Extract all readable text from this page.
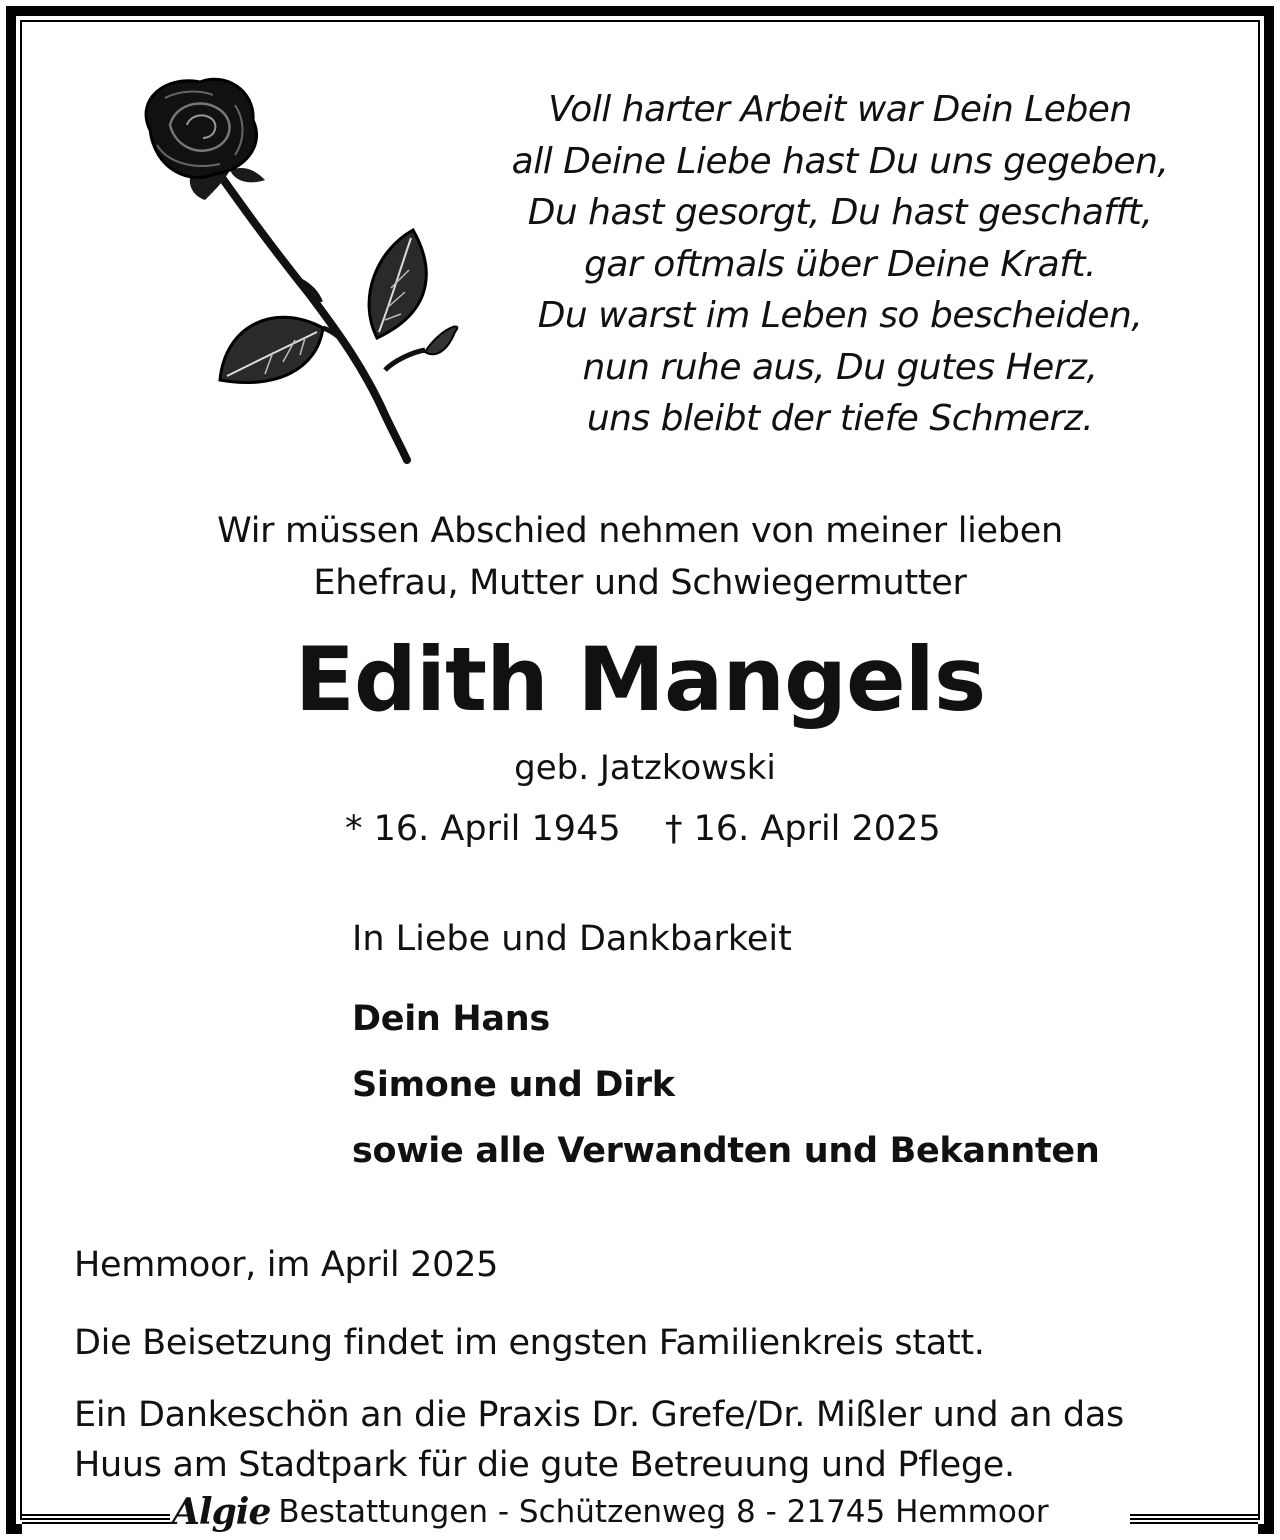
Voll harter Arbeit war Dein Leben
all Deine Liebe hast Du uns gegeben,
Du hast gesorgt, Du hast geschafft,
gar oftmals über Deine Kraft.
Du warst im Leben so bescheiden,
nun ruhe aus, Du gutes Herz,
uns bleibt der tiefe Schmerz.
Wir müssen Abschied nehmen von meiner lieben
Ehefrau, Mutter und Schwiegermutter
Edith Mangels
geb. Jatzkowski
* 16. April 1945 † 16. April 2025
In Liebe und Dankbarkeit
Dein Hans
Simone und Dirk
sowie alle Verwandten und Bekannten
Hemmoor, im April 2025
Die Beisetzung findet im engsten Familienkreis statt.
Ein Dankeschön an die Praxis Dr. Grefe/Dr. Mißler und an das
Huus am Stadtpark für die gute Betreuung und Pflege.
Algie Bestattungen - Schützenweg 8 - 21745 Hemmoor
